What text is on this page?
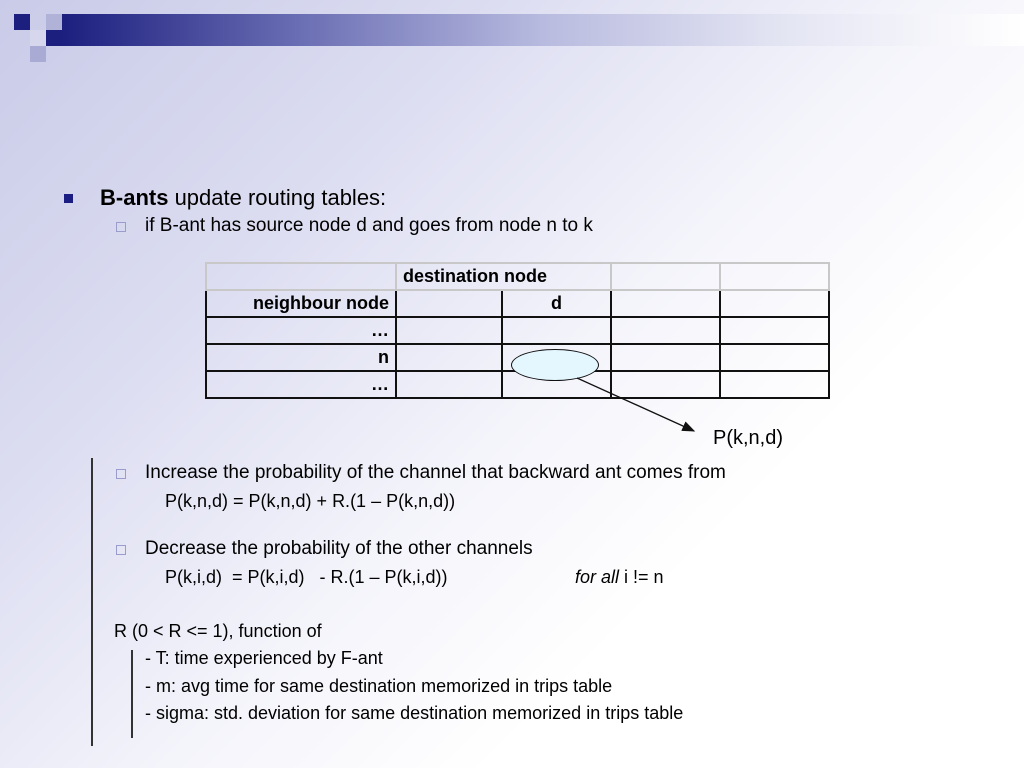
B-ants update routing tables:
if B-ant has source node d and goes from node n to k
	destination node			
neighbour node		d		
…				
n				
…				
P(k,n,d)
Increase the probability of the channel that backward ant comes from
P(k,n,d) = P(k,n,d) + R.(1 – P(k,n,d))
Decrease the probability of the other channels
P(k,i,d)  = P(k,i,d)   - R.(1 – P(k,i,d))	for all i != n
R (0 < R <= 1), function of
- T: time experienced by F-ant
- m: avg time for same destination memorized in trips table
- sigma: std. deviation for same destination memorized in trips table
